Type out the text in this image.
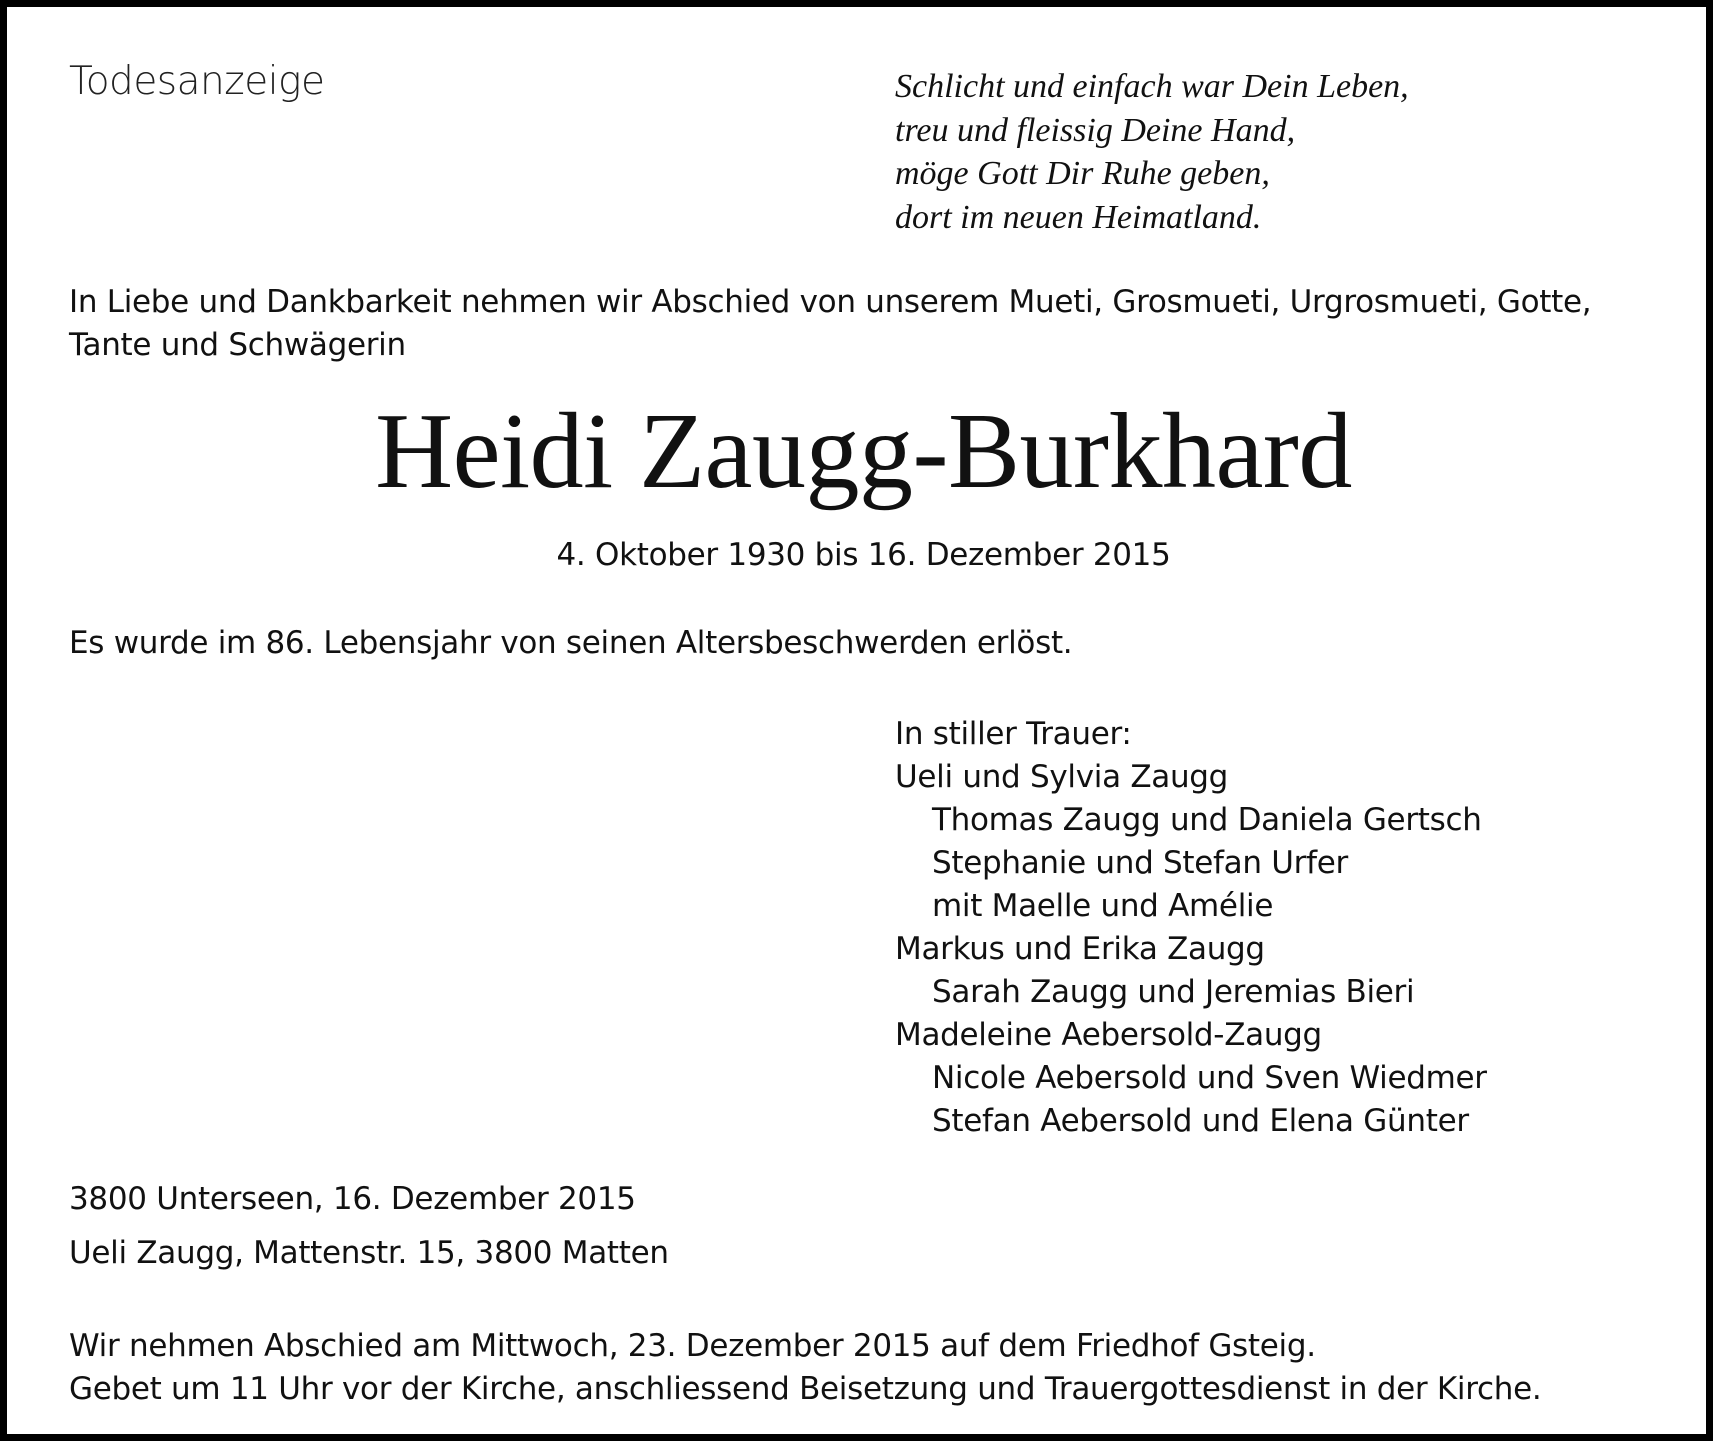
Todesanzeige	Schlicht und einfach war Dein Leben,
treu und fleissig Deine Hand,
möge Gott Dir Ruhe geben,
dort im neuen Heimatland.

In Liebe und Dankbarkeit nehmen wir Abschied von unserem Mueti, Grosmueti, Urgrosmueti, Gotte, Tante und Schwägerin

Heidi Zaugg-Burkhard

4. Oktober 1930 bis 16. Dezember 2015

Es wurde im 86. Lebensjahr von seinen Altersbeschwerden erlöst.

In stiller Trauer:
Ueli und Sylvia Zaugg
Thomas Zaugg und Daniela Gertsch
Stephanie und Stefan Urfer
mit Maelle und Amélie
Markus und Erika Zaugg
Sarah Zaugg und Jeremias Bieri
Madeleine Aebersold-Zaugg
Nicole Aebersold und Sven Wiedmer
Stefan Aebersold und Elena Günter

3800 Unterseen, 16. Dezember 2015

Ueli Zaugg, Mattenstr. 15, 3800 Matten

Wir nehmen Abschied am Mittwoch, 23. Dezember 2015 auf dem Friedhof Gsteig.
Gebet um 11 Uhr vor der Kirche, anschliessend Beisetzung und Trauergottesdienst in der Kirche.
